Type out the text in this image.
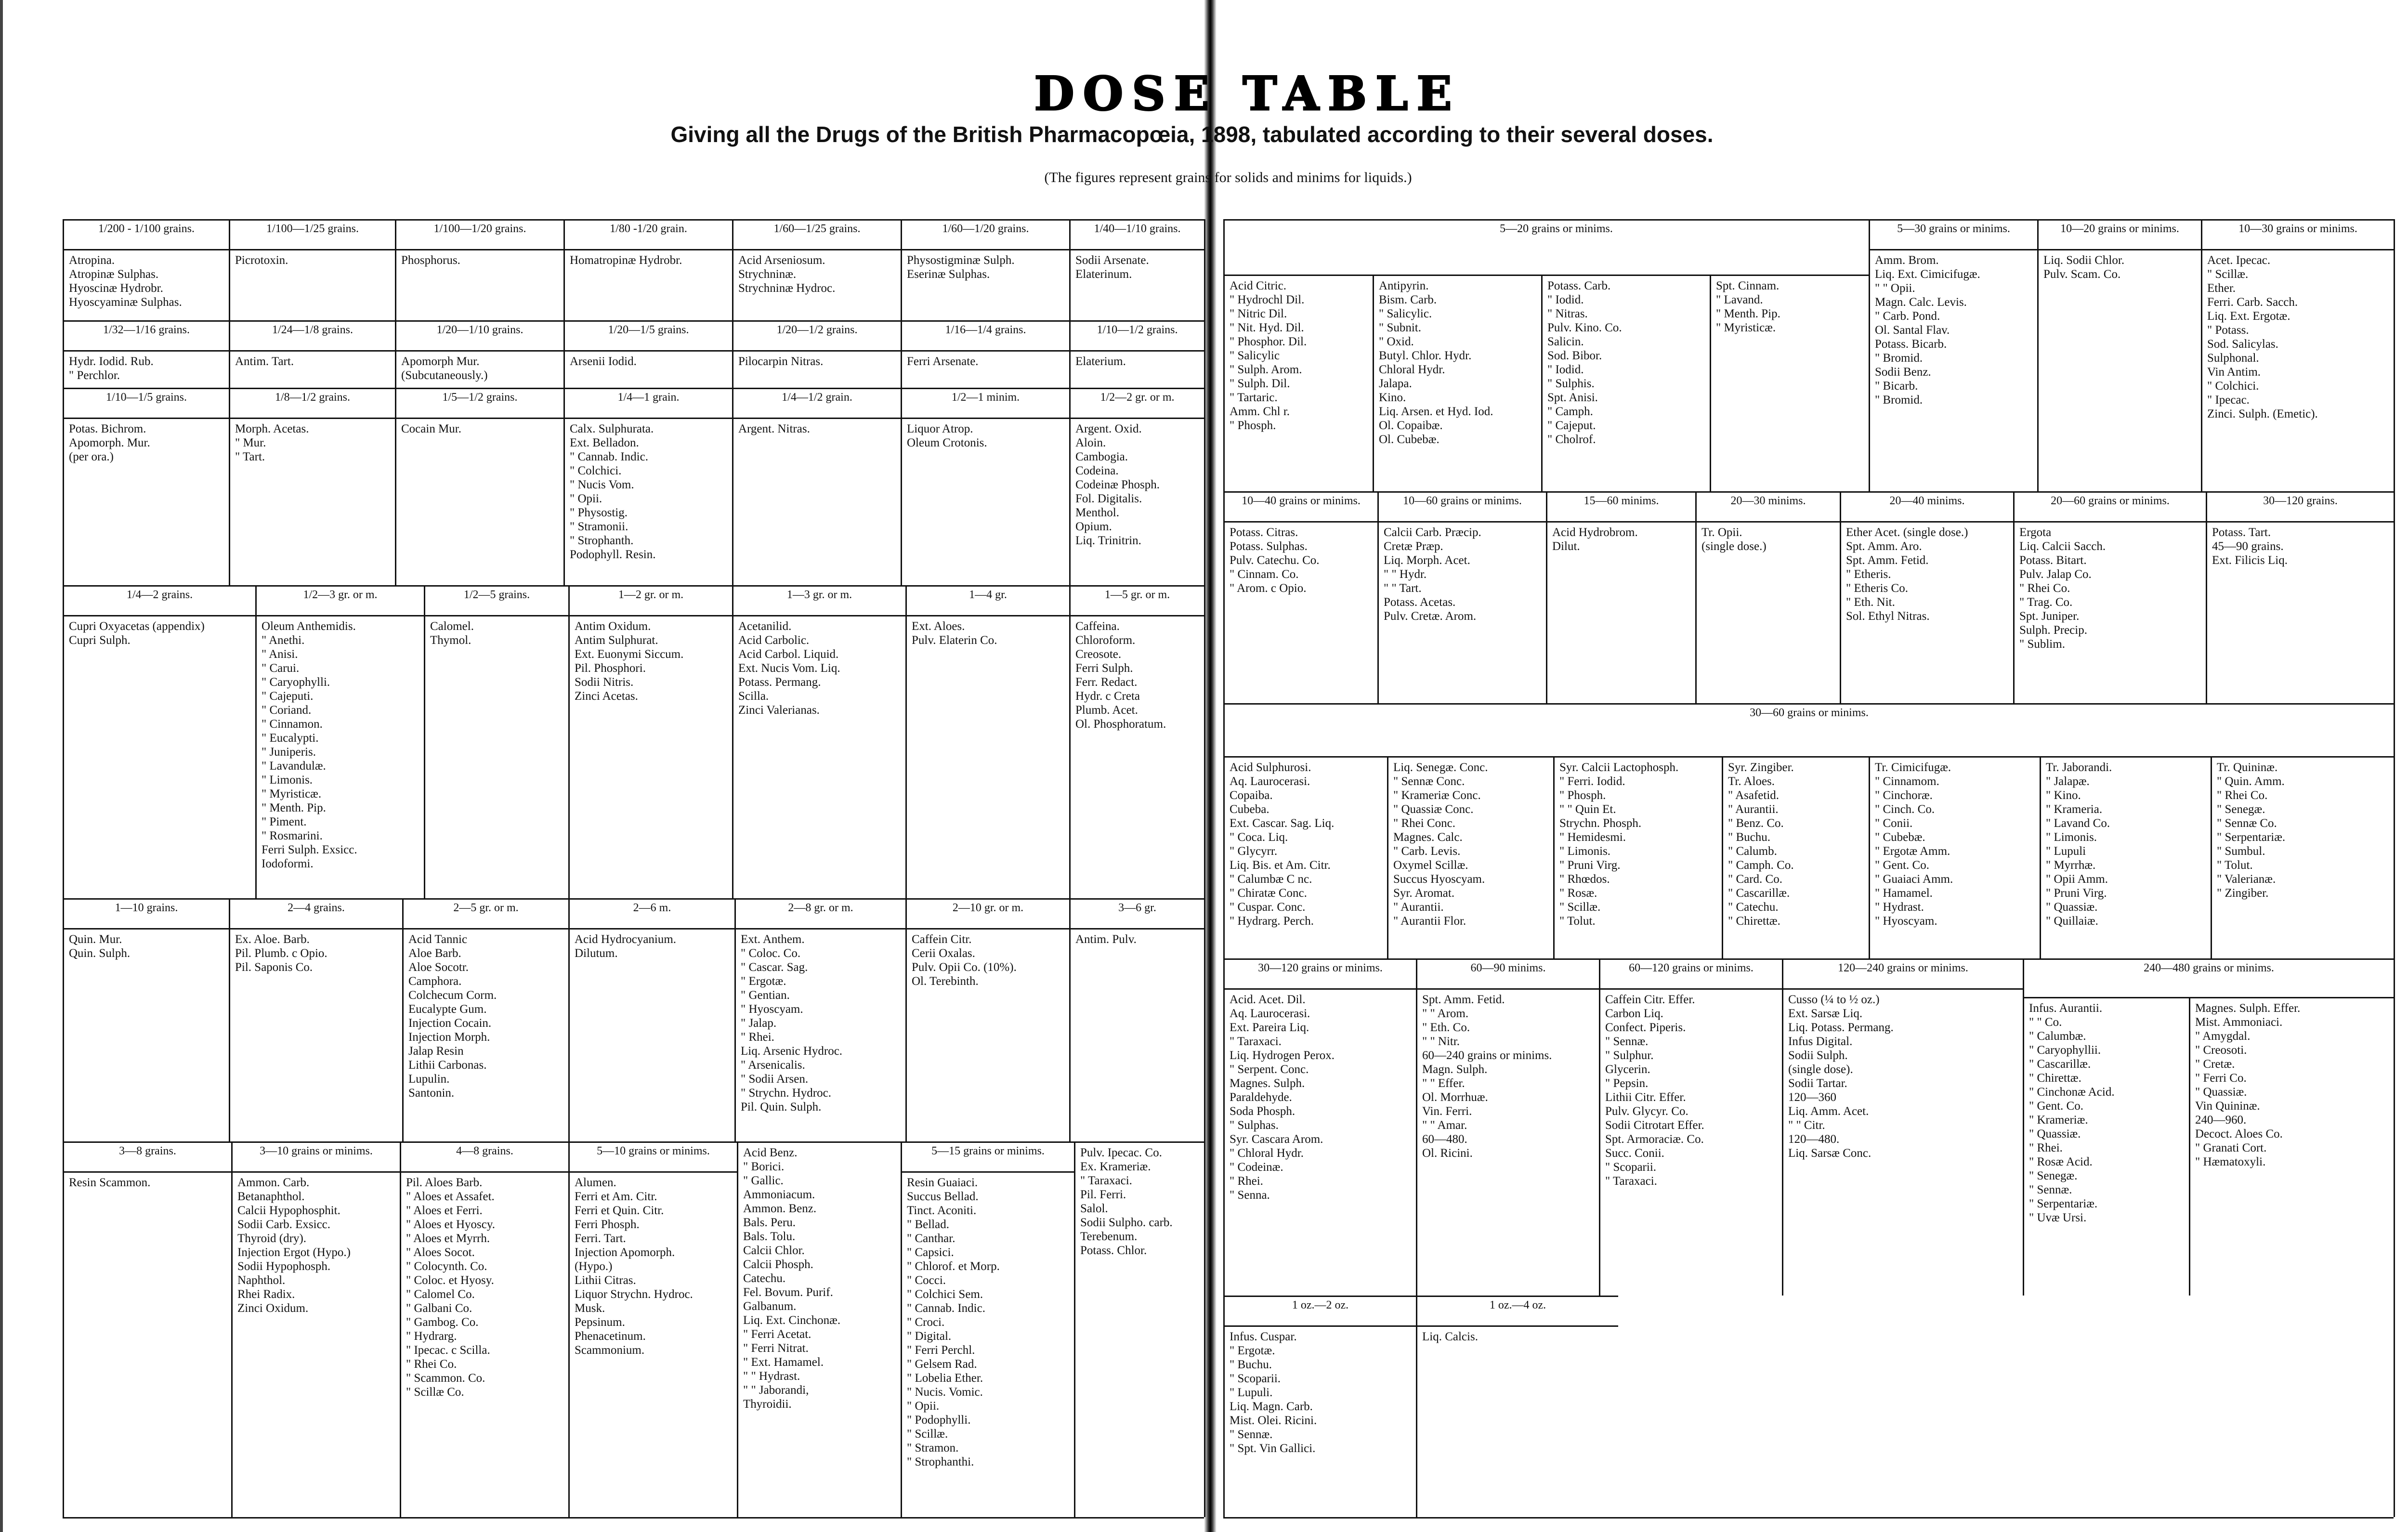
DOSE TABLE
Giving all the Drugs of the British Pharmacopœia, 1898, tabulated according to their several doses.
(The figures represent grains for solids and minims for liquids.)
1/200 - 1/100 grains.
Atropina.
Atropinæ Sulphas.
Hyoscinæ Hydrobr.
Hyoscyaminæ Sulphas.
1/100—1/25 grains.
Picrotoxin.
1/100—1/20 grains.
Phosphorus.
1/80 -1/20 grain.
Homatropinæ Hydrobr.
1/60—1/25 grains.
Acid Arseniosum.
Strychninæ.
Strychninæ Hydroc.
1/60—1/20 grains.
Physostigminæ Sulph.
Eserinæ Sulphas.
1/40—1/10 grains.
Sodii Arsenate.
Elaterinum.
1/32—1/16 grains.
Hydr. Iodid. Rub.
" Perchlor.
1/24—1/8 grains.
Antim. Tart.
1/20—1/10 grains.
Apomorph Mur.
(Subcutaneously.)
1/20—1/5 grains.
Arsenii Iodid.
1/20—1/2 grains.
Pilocarpin Nitras.
1/16—1/4 grains.
Ferri Arsenate.
1/10—1/2 grains.
Elaterium.
1/10—1/5 grains.
Potas. Bichrom.
Apomorph. Mur.
(per ora.)
1/8—1/2 grains.
Morph. Acetas.
" Mur.
" Tart.
1/5—1/2 grains.
Cocain Mur.
1/4—1 grain.
Calx. Sulphurata.
Ext. Belladon.
" Cannab. Indic.
" Colchici.
" Nucis Vom.
" Opii.
" Physostig.
" Stramonii.
" Strophanth.
Podophyll. Resin.
1/4—1/2 grain.
Argent. Nitras.
1/2—1 minim.
Liquor Atrop.
Oleum Crotonis.
1/2—2 gr. or m.
Argent. Oxid.
Aloin.
Cambogia.
Codeina.
Codeinæ Phosph.
Fol. Digitalis.
Menthol.
Opium.
Liq. Trinitrin.
1/4—2 grains.
Cupri Oxyacetas (appendix)
Cupri Sulph.
1/2—3 gr. or m.
Oleum Anthemidis.
" Anethi.
" Anisi.
" Carui.
" Caryophylli.
" Cajeputi.
" Coriand.
" Cinnamon.
" Eucalypti.
" Juniperis.
" Lavandulæ.
" Limonis.
" Myristicæ.
" Menth. Pip.
" Piment.
" Rosmarini.
Ferri Sulph. Exsicc.
Iodoformi.
1/2—5 grains.
Calomel.
Thymol.
1—2 gr. or m.
Antim Oxidum.
Antim Sulphurat.
Ext. Euonymi Siccum.
Pil. Phosphori.
Sodii Nitris.
Zinci Acetas.
1—3 gr. or m.
Acetanilid.
Acid Carbolic.
Acid Carbol. Liquid.
Ext. Nucis Vom. Liq.
Potass. Permang.
Scilla.
Zinci Valerianas.
1—4 gr.
Ext. Aloes.
Pulv. Elaterin Co.
1—5 gr. or m.
Caffeina.
Chloroform.
Creosote.
Ferri Sulph.
Ferr. Redact.
Hydr. c Creta
Plumb. Acet.
Ol. Phosphoratum.
1—10 grains.
Quin. Mur.
Quin. Sulph.
2—4 grains.
Ex. Aloe. Barb.
Pil. Plumb. c Opio.
Pil. Saponis Co.
2—5 gr. or m.
Acid Tannic
Aloe Barb.
Aloe Socotr.
Camphora.
Colchecum Corm.
Eucalypte Gum.
Injection Cocain.
Injection Morph.
Jalap Resin
Lithii Carbonas.
Lupulin.
Santonin.
2—6 m.
Acid Hydrocyanium.
Dilutum.
2—8 gr. or m.
Ext. Anthem.
" Coloc. Co.
" Cascar. Sag.
" Ergotæ.
" Gentian.
" Hyoscyam.
" Jalap.
" Rhei.
Liq. Arsenic Hydroc.
" Arsenicalis.
" Sodii Arsen.
" Strychn. Hydroc.
Pil. Quin. Sulph.
2—10 gr. or m.
Caffein Citr.
Cerii Oxalas.
Pulv. Opii Co. (10%).
Ol. Terebinth.
3—6 gr.
Antim. Pulv.
3—8 grains.
Resin Scammon.
3—10 grains or minims.
Ammon. Carb.
Betanaphthol.
Calcii Hypophosphit.
Sodii Carb. Exsicc.
Thyroid (dry).
Injection Ergot (Hypo.)
Sodii Hypophosph.
Naphthol.
Rhei Radix.
Zinci Oxidum.
4—8 grains.
Pil. Aloes Barb.
" Aloes et Assafet.
" Aloes et Ferri.
" Aloes et Hyoscy.
" Aloes et Myrrh.
" Aloes Socot.
" Colocynth. Co.
" Coloc. et Hyosy.
" Calomel Co.
" Galbani Co.
" Gambog. Co.
" Hydrarg.
" Ipecac. c Scilla.
" Rhei Co.
" Scammon. Co.
" Scillæ Co.
5—10 grains or minims.
Alumen.
Ferri et Am. Citr.
Ferri et Quin. Citr.
Ferri Phosph.
Ferri. Tart.
Injection Apomorph.
(Hypo.)
Lithii Citras.
Liquor Strychn. Hydroc.
Musk.
Pepsinum.
Phenacetinum.
Scammonium.
Acid Benz.
" Borici.
" Gallic.
Ammoniacum.
Ammon. Benz.
Bals. Peru.
Bals. Tolu.
Calcii Chlor.
Calcii Phosph.
Catechu.
Fel. Bovum. Purif.
Galbanum.
Liq. Ext. Cinchonæ.
" Ferri Acetat.
" Ferri Nitrat.
" Ext. Hamamel.
" " Hydrast.
" " Jaborandi,
Thyroidii.
5—15 grains or minims.
Resin Guaiaci.
Succus Bellad.
Tinct. Aconiti.
" Bellad.
" Canthar.
" Capsici.
" Chlorof. et Morp.
" Cocci.
" Colchici Sem.
" Cannab. Indic.
" Croci.
" Digital.
" Ferri Perchl.
" Gelsem Rad.
" Lobelia Ether.
" Nucis. Vomic.
" Opii.
" Podophylli.
" Scillæ.
" Stramon.
" Strophanthi.
Pulv. Ipecac. Co.
Ex. Krameriæ.
" Taraxaci.
Pil. Ferri.
Salol.
Sodii Sulpho. carb.
Terebenum.
Potass. Chlor.
5—20 grains or minims.
Acid Citric.
" Hydrochl Dil.
" Nitric Dil.
" Nit. Hyd. Dil.
" Phosphor. Dil.
" Salicylic
" Sulph. Arom.
" Sulph. Dil.
" Tartaric.
Amm. Chl r.
" Phosph.
Antipyrin.
Bism. Carb.
" Salicylic.
" Subnit.
" Oxid.
Butyl. Chlor. Hydr.
Chloral Hydr.
Jalapa.
Kino.
Liq. Arsen. et Hyd. Iod.
Ol. Copaibæ.
Ol. Cubebæ.
Potass. Carb.
" Iodid.
" Nitras.
Pulv. Kino. Co.
Salicin.
Sod. Bibor.
" Iodid.
" Sulphis.
Spt. Anisi.
" Camph.
" Cajeput.
" Cholrof.
Spt. Cinnam.
" Lavand.
" Menth. Pip.
" Myristicæ.
5—30 grains or minims.
Amm. Brom.
Liq. Ext. Cimicifugæ.
" " Opii.
Magn. Calc. Levis.
" Carb. Pond.
Ol. Santal Flav.
Potass. Bicarb.
" Bromid.
Sodii Benz.
" Bicarb.
" Bromid.
10—20 grains or minims.
Liq. Sodii Chlor.
Pulv. Scam. Co.
10—30 grains or minims.
Acet. Ipecac.
" Scillæ.
Ether.
Ferri. Carb. Sacch.
Liq. Ext. Ergotæ.
" Potass.
Sod. Salicylas.
Sulphonal.
Vin Antim.
" Colchici.
" Ipecac.
Zinci. Sulph. (Emetic).
10—40 grains or minims.
Potass. Citras.
Potass. Sulphas.
Pulv. Catechu. Co.
" Cinnam. Co.
" Arom. c Opio.
10—60 grains or minims.
Calcii Carb. Præcip.
Cretæ Præp.
Liq. Morph. Acet.
" " Hydr.
" " Tart.
Potass. Acetas.
Pulv. Cretæ. Arom.
15—60 minims.
Acid Hydrobrom.
Dilut.
20—30 minims.
Tr. Opii.
(single dose.)
20—40 minims.
Ether Acet. (single dose.)
Spt. Amm. Aro.
Spt. Amm. Fetid.
" Etheris.
" Etheris Co.
" Eth. Nit.
Sol. Ethyl Nitras.
20—60 grains or minims.
Ergota
Liq. Calcii Sacch.
Potass. Bitart.
Pulv. Jalap Co.
" Rhei Co.
" Trag. Co.
Spt. Juniper.
Sulph. Precip.
" Sublim.
30—120 grains.
Potass. Tart.
45—90 grains.
Ext. Filicis Liq.
30—60 grains or minims.
Acid Sulphurosi.
Aq. Laurocerasi.
Copaiba.
Cubeba.
Ext. Cascar. Sag. Liq.
" Coca. Liq.
" Glycyrr.
Liq. Bis. et Am. Citr.
" Calumbæ C nc.
" Chiratæ Conc.
" Cuspar. Conc.
" Hydrarg. Perch.
Liq. Senegæ. Conc.
" Sennæ Conc.
" Krameriæ Conc.
" Quassiæ Conc.
" Rhei Conc.
Magnes. Calc.
" Carb. Levis.
Oxymel Scillæ.
Succus Hyoscyam.
Syr. Aromat.
" Aurantii.
" Aurantii Flor.
Syr. Calcii Lactophosph.
" Ferri. Iodid.
" Phosph.
" " Quin Et.
Strychn. Phosph.
" Hemidesmi.
" Limonis.
" Pruni Virg.
" Rhœdos.
" Rosæ.
" Scillæ.
" Tolut.
Syr. Zingiber.
Tr. Aloes.
" Asafetid.
" Aurantii.
" Benz. Co.
" Buchu.
" Calumb.
" Camph. Co.
" Card. Co.
" Cascarillæ.
" Catechu.
" Chirettæ.
Tr. Cimicifugæ.
" Cinnamom.
" Cinchoræ.
" Cinch. Co.
" Conii.
" Cubebæ.
" Ergotæ Amm.
" Gent. Co.
" Guaiaci Amm.
" Hamamel.
" Hydrast.
" Hyoscyam.
Tr. Jaborandi.
" Jalapæ.
" Kino.
" Krameria.
" Lavand Co.
" Limonis.
" Lupuli
" Myrrhæ.
" Opii Amm.
" Pruni Virg.
" Quassiæ.
" Quillaiæ.
Tr. Quininæ.
" Quin. Amm.
" Rhei Co.
" Senegæ.
" Sennæ Co.
" Serpentariæ.
" Sumbul.
" Tolut.
" Valerianæ.
" Zingiber.
30—120 grains or minims.
Acid. Acet. Dil.
Aq. Laurocerasi.
Ext. Pareira Liq.
" Taraxaci.
Liq. Hydrogen Perox.
" Serpent. Conc.
Magnes. Sulph.
Paraldehyde.
Soda Phosph.
" Sulphas.
Syr. Cascara Arom.
" Chloral Hydr.
" Codeinæ.
" Rhei.
" Senna.
60—90 minims.
Spt. Amm. Fetid.
" " Arom.
" Eth. Co.
" " Nitr.
60—240 grains or minims.
Magn. Sulph.
" " Effer.
Ol. Morrhuæ.
Vin. Ferri.
" " Amar.
60—480.
Ol. Ricini.
60—120 grains or minims.
Caffein Citr. Effer.
Carbon Liq.
Confect. Piperis.
" Sennæ.
" Sulphur.
Glycerin.
" Pepsin.
Lithii Citr. Effer.
Pulv. Glycyr. Co.
Sodii Citrotart Effer.
Spt. Armoraciæ. Co.
Succ. Conii.
" Scoparii.
" Taraxaci.
120—240 grains or minims.
Cusso (¼ to ½ oz.)
Ext. Sarsæ Liq.
Liq. Potass. Permang.
Infus Digital.
Sodii Sulph.
(single dose).
Sodii Tartar.
120—360
Liq. Amm. Acet.
" " Citr.
120—480.
Liq. Sarsæ Conc.
240—480 grains or minims.
Infus. Aurantii.
" " Co.
" Calumbæ.
" Caryophyllii.
" Cascarillæ.
" Chirettæ.
" Cinchonæ Acid.
" Gent. Co.
" Krameriæ.
" Quassiæ.
" Rhei.
" Rosæ Acid.
" Senegæ.
" Sennæ.
" Serpentariæ.
" Uvæ Ursi.
Magnes. Sulph. Effer.
Mist. Ammoniaci.
" Amygdal.
" Creosoti.
" Cretæ.
" Ferri Co.
" Quassiæ.
Vin Quininæ.
240—960.
Decoct. Aloes Co.
" Granati Cort.
" Hæmatoxyli.
1 oz.—2 oz.
Infus. Cuspar.
" Ergotæ.
" Buchu.
" Scoparii.
" Lupuli.
Liq. Magn. Carb.
Mist. Olei. Ricini.
" Sennæ.
" Spt. Vin Gallici.
1 oz.—4 oz.
Liq. Calcis.
